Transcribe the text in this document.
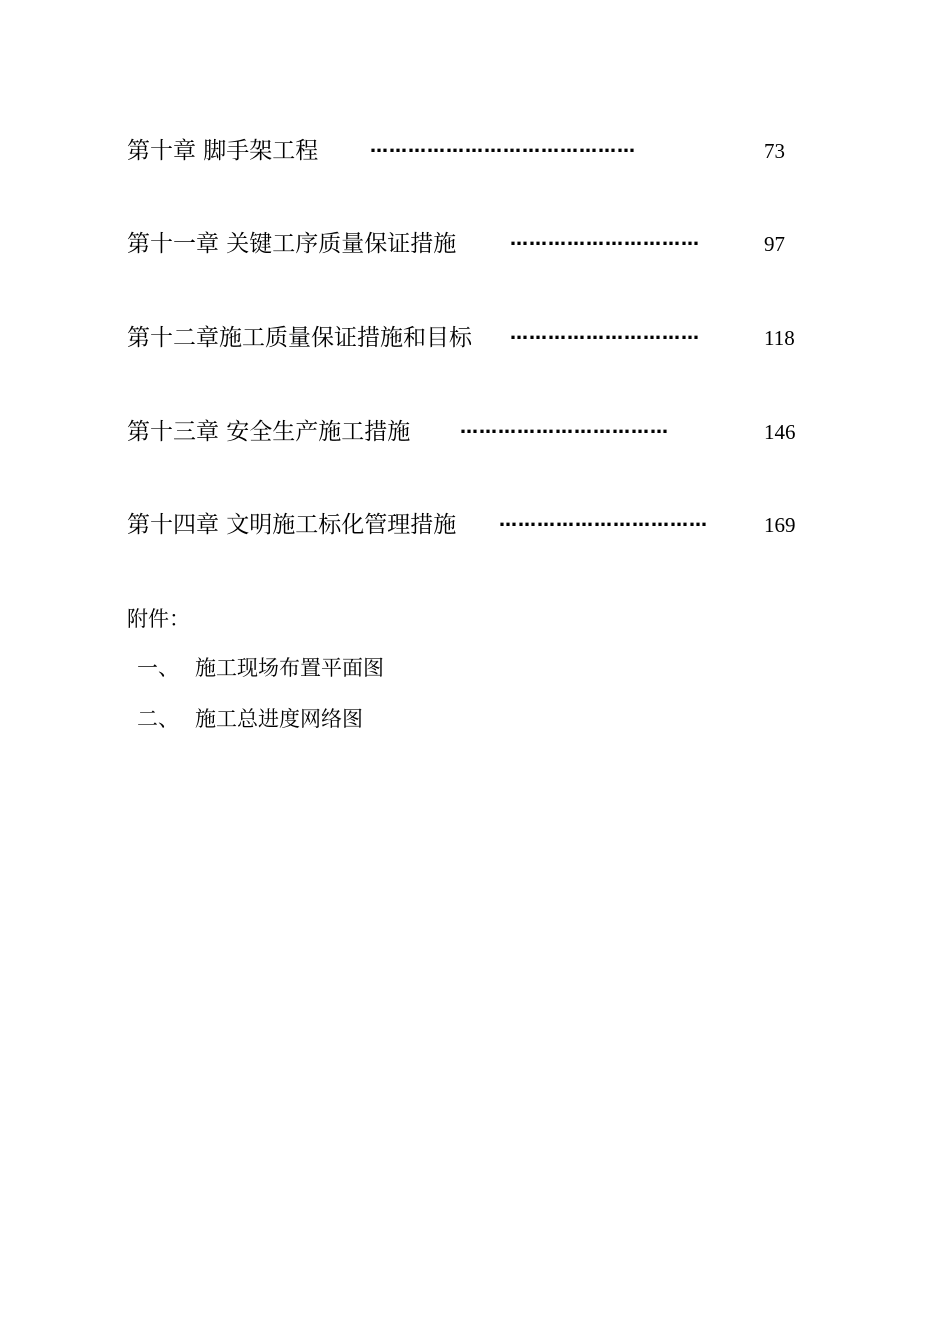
第十章 脚手架工程	……………………………………	73
第十一章 关键工序质量保证措施	…………………………	97
第十二章施工质量保证措施和目标 …………………………	118
第十三章 安全生产施工措施	……………………………	146
第十四章 文明施工标化管理措施 ……………………………	169
附件：
一、 施工现场布置平面图
二、 施工总进度网络图
